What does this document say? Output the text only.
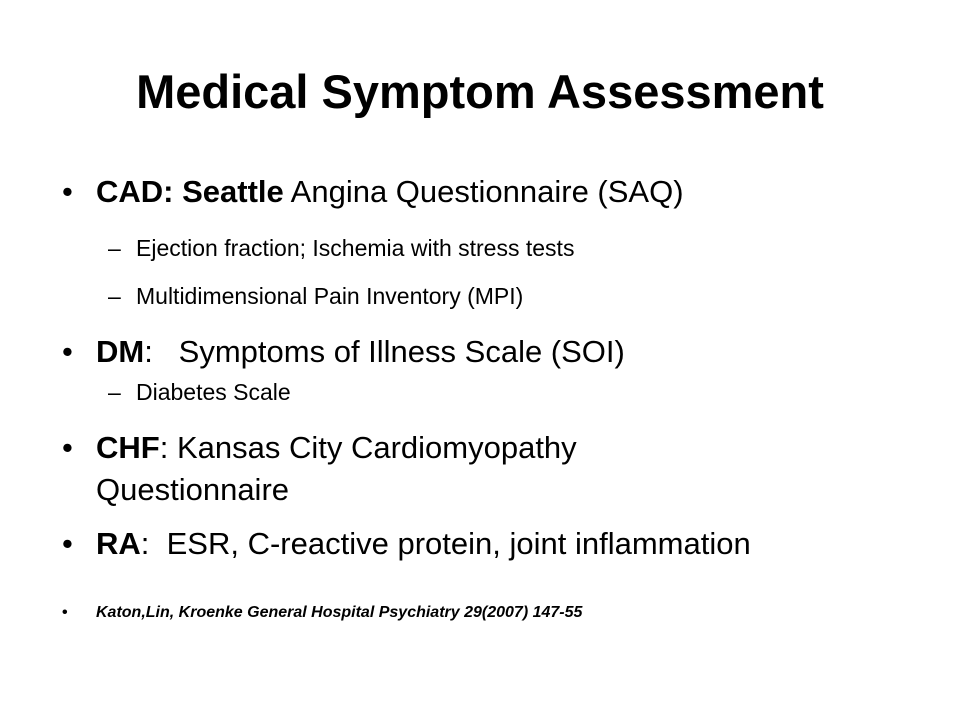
Medical Symptom Assessment
• CAD: Seattle Angina Questionnaire (SAQ)
– Ejection fraction; Ischemia with stress tests
– Multidimensional Pain Inventory (MPI)
• DM:   Symptoms of Illness Scale (SOI)
– Diabetes Scale
• CHF: Kansas City Cardiomyopathy
Questionnaire
• RA:  ESR, C-reactive protein, joint inflammation
• Katon,Lin, Kroenke General Hospital Psychiatry 29(2007) 147-55
